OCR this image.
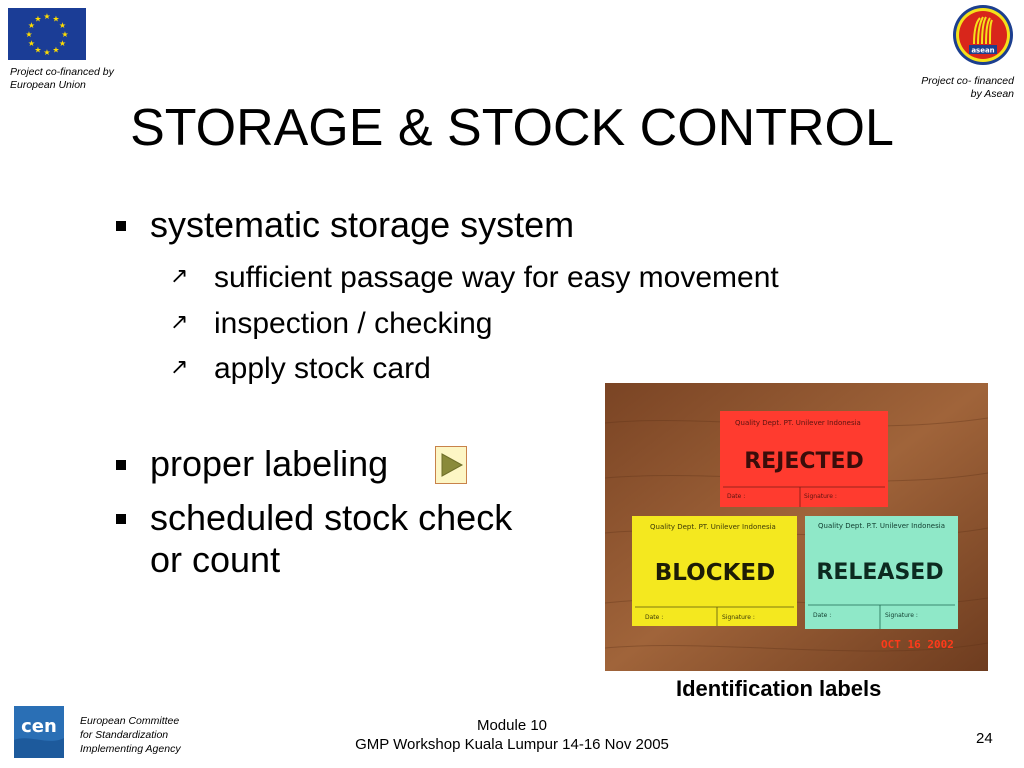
★ ★
★
★
★
★
★
★
★
★
★
★
Project co-financed by
European Union
asean
Project co- financed
by Asean
STORAGE & STOCK CONTROL
systematic storage system
↗ sufficient passage way for easy movement
↗ inspection / checking
↗ apply stock card
proper labeling
scheduled stock check
or count
Quality Dept. PT. Unilever Indonesia
REJECTED
Date :	Signature :
Quality Dept. PT. Unilever Indonesia
BLOCKED
Date :	Signature :
Quality Dept. P.T. Unilever Indonesia
RELEASED
Date :	Signature :
OCT 16 2002
Identification labels
cen European Committee
for Standardization
Implementing Agency
Module 10
GMP Workshop Kuala Lumpur 14-16 Nov 2005	24
